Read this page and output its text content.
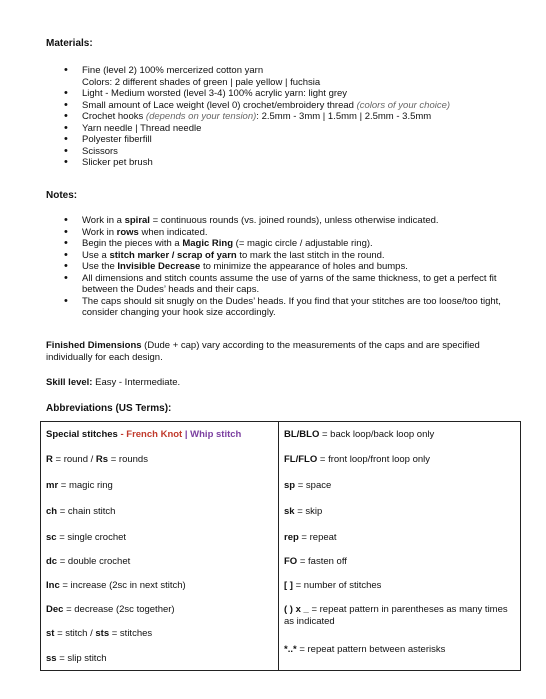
Materials:
• Fine (level 2) 100% mercerized cotton yarn
Colors: 2 different shades of green | pale yellow | fuchsia
• Light - Medium worsted (level 3-4) 100% acrylic yarn: light grey
• Small amount of Lace weight (level 0) crochet/embroidery thread (colors of your choice)
• Crochet hooks (depends on your tension): 2.5mm - 3mm | 1.5mm | 2.5mm - 3.5mm
• Yarn needle | Thread needle
• Polyester fiberfill
• Scissors
• Slicker pet brush
Notes:
• Work in a spiral = continuous rounds (vs. joined rounds), unless otherwise indicated.
• Work in rows when indicated.
• Begin the pieces with a Magic Ring (= magic circle / adjustable ring).
• Use a stitch marker / scrap of yarn to mark the last stitch in the round.
• Use the Invisible Decrease to minimize the appearance of holes and bumps.
• All dimensions and stitch counts assume the use of yarns of the same thickness, to get a perfect fit between the Dudes’ heads and their caps.
• The caps should sit snugly on the Dudes’ heads. If you find that your stitches are too loose/too tight, consider changing your hook size accordingly.
Finished Dimensions (Dude + cap) vary according to the measurements of the caps and are specified individually for each design.
Skill level: Easy - Intermediate.
Abbreviations (US Terms):
Special stitches - French Knot | Whip stitch
R = round / Rs = rounds
mr = magic ring
ch = chain stitch
sc = single crochet
dc = double crochet
Inc = increase (2sc in next stitch)
Dec = decrease (2sc together)
st = stitch / sts = stitches
ss = slip stitch
BL/BLO = back loop/back loop only
FL/FLO = front loop/front loop only
sp = space
sk = skip
rep = repeat
FO = fasten off
[ ] = number of stitches
( ) x _ = repeat pattern in parentheses as many times as indicated
*..* = repeat pattern between asterisks
